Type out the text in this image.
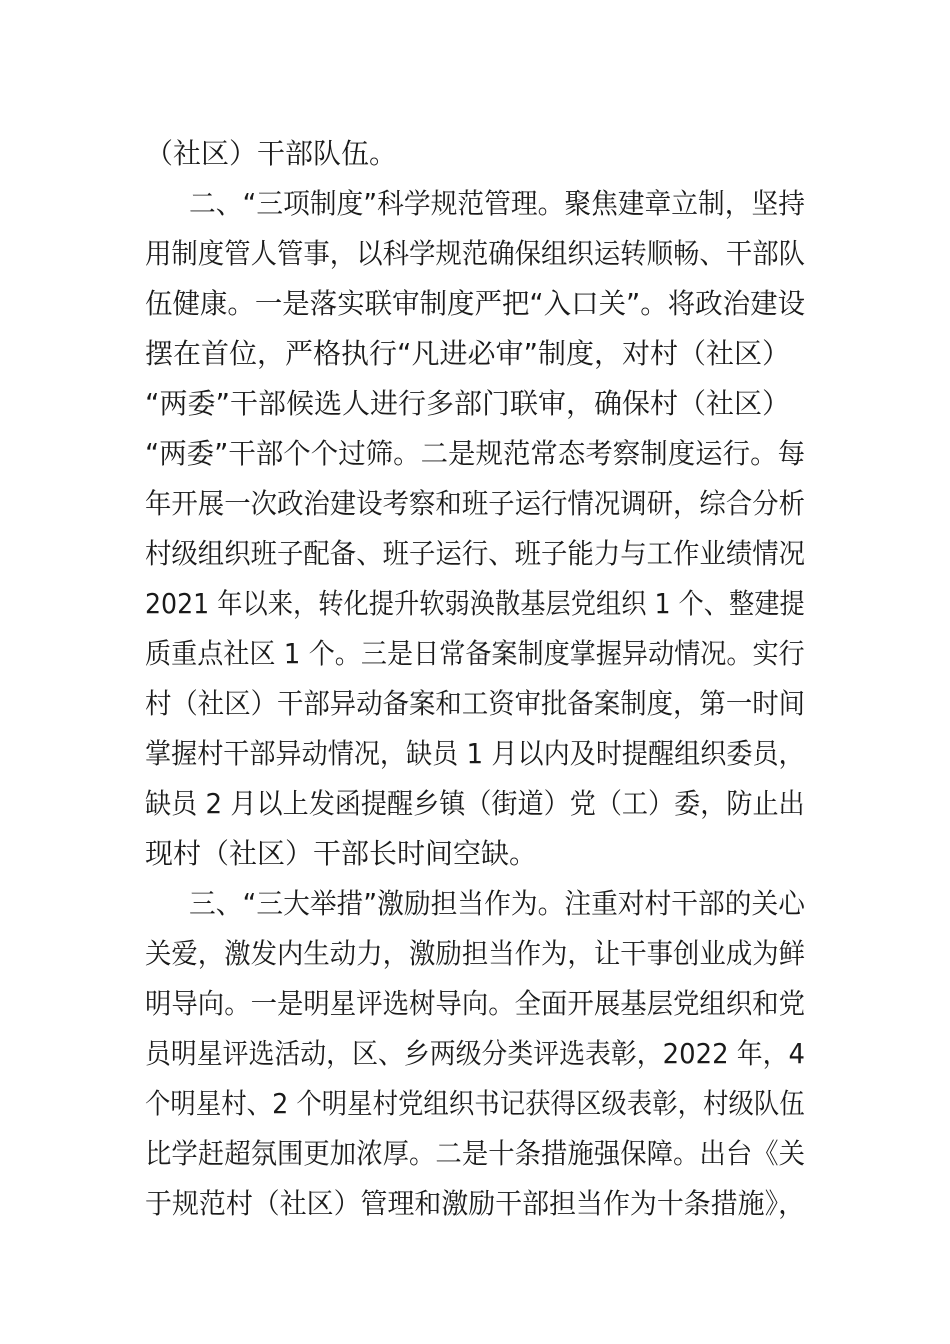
（社区）干部队伍。
二、“三项制度”科学规范管理。聚焦建章立制，坚持
用制度管人管事，以科学规范确保组织运转顺畅、干部队
伍健康。一是落实联审制度严把“入口关”。将政治建设
摆在首位，严格执行“凡进必审”制度，对村（社区）
“两委”干部候选人进行多部门联审，确保村（社区）
“两委”干部个个过筛。二是规范常态考察制度运行。每
年开展一次政治建设考察和班子运行情况调研，综合分析
村级组织班子配备、班子运行、班子能力与工作业绩情况
2021 年以来，转化提升软弱涣散基层党组织 1 个、整建提
质重点社区 1 个。三是日常备案制度掌握异动情况。实行
村（社区）干部异动备案和工资审批备案制度，第一时间
掌握村干部异动情况，缺员 1 月以内及时提醒组织委员，
缺员 2 月以上发函提醒乡镇（街道）党（工）委，防止出
现村（社区）干部长时间空缺。
三、“三大举措”激励担当作为。注重对村干部的关心
关爱，激发内生动力，激励担当作为，让干事创业成为鲜
明导向。一是明星评选树导向。全面开展基层党组织和党
员明星评选活动，区、乡两级分类评选表彰，2022 年，4
个明星村、2 个明星村党组织书记获得区级表彰，村级队伍
比学赶超氛围更加浓厚。二是十条措施强保障。出台《关
于规范村（社区）管理和激励干部担当作为十条措施》，
